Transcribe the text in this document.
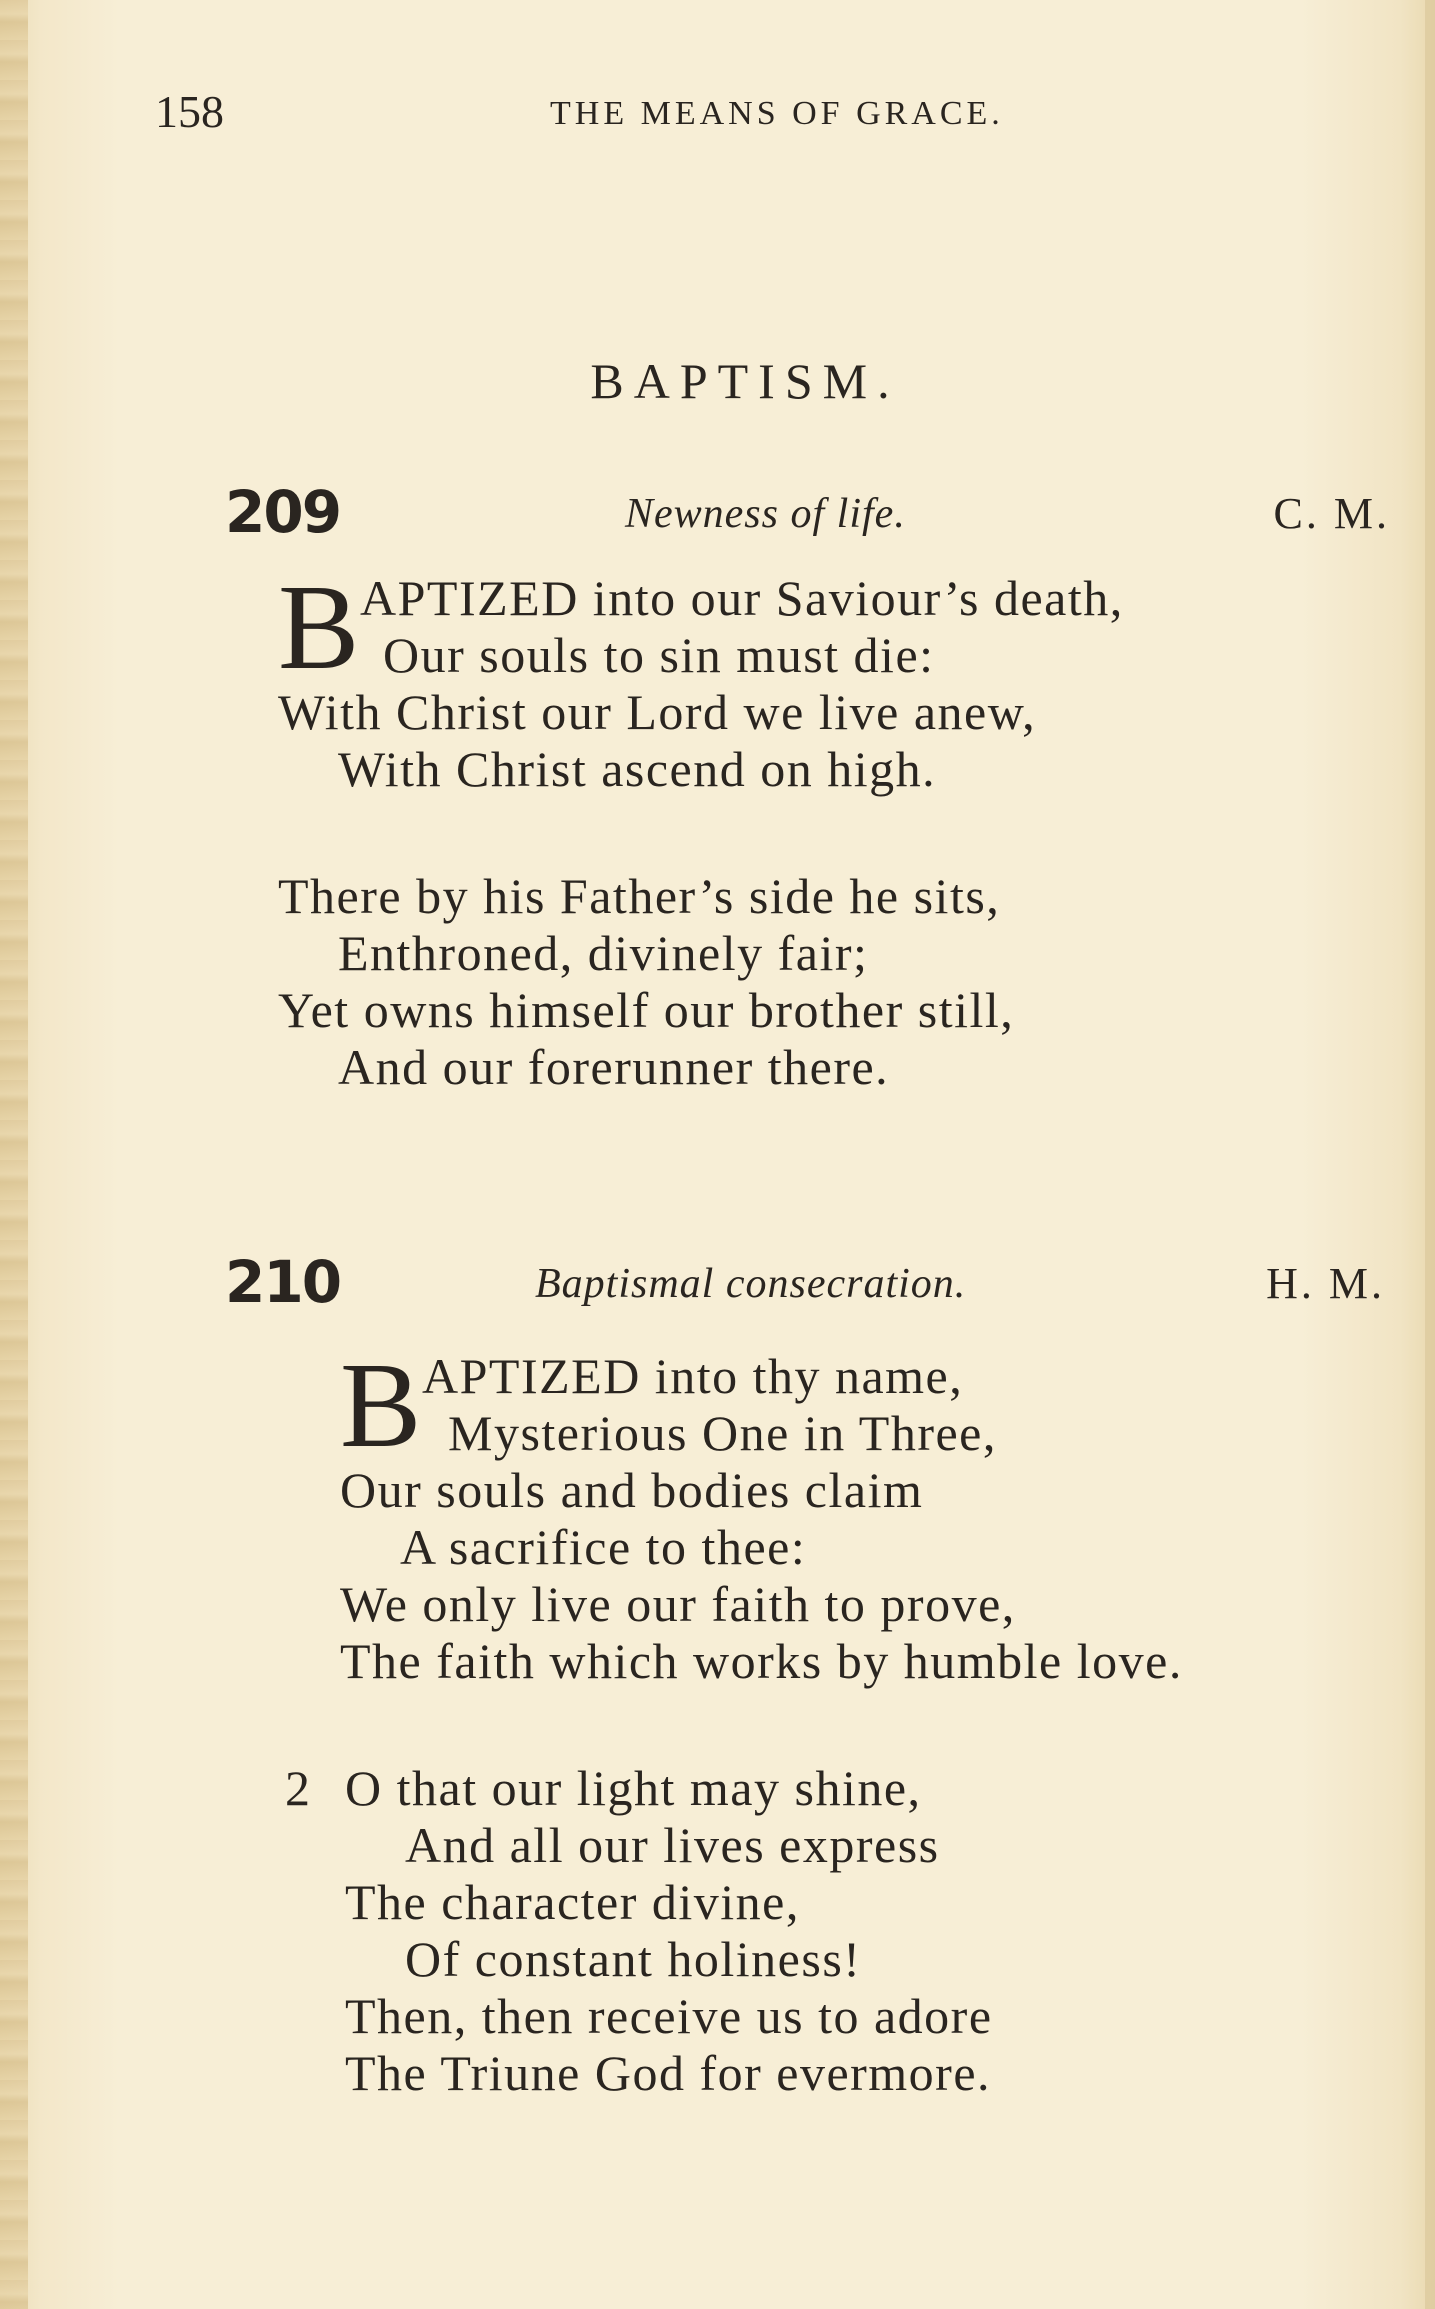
158	THE MEANS OF GRACE.
BAPTISM.
209	Newness of life.	C. M.
B APTIZED into our Saviour’s death,
Our souls to sin must die:
With Christ our Lord we live anew,
With Christ ascend on high.
There by his Father’s side he sits,
Enthroned, divinely fair;
Yet owns himself our brother still,
And our forerunner there.
210	Baptismal consecration.	H. M.
B APTIZED into thy name,
Mysterious One in Three,
Our souls and bodies claim
A sacrifice to thee:
We only live our faith to prove,
The faith which works by humble love.
2 O that our light may shine,
And all our lives express
The character divine,
Of constant holiness!
Then, then receive us to adore
The Triune God for evermore.
